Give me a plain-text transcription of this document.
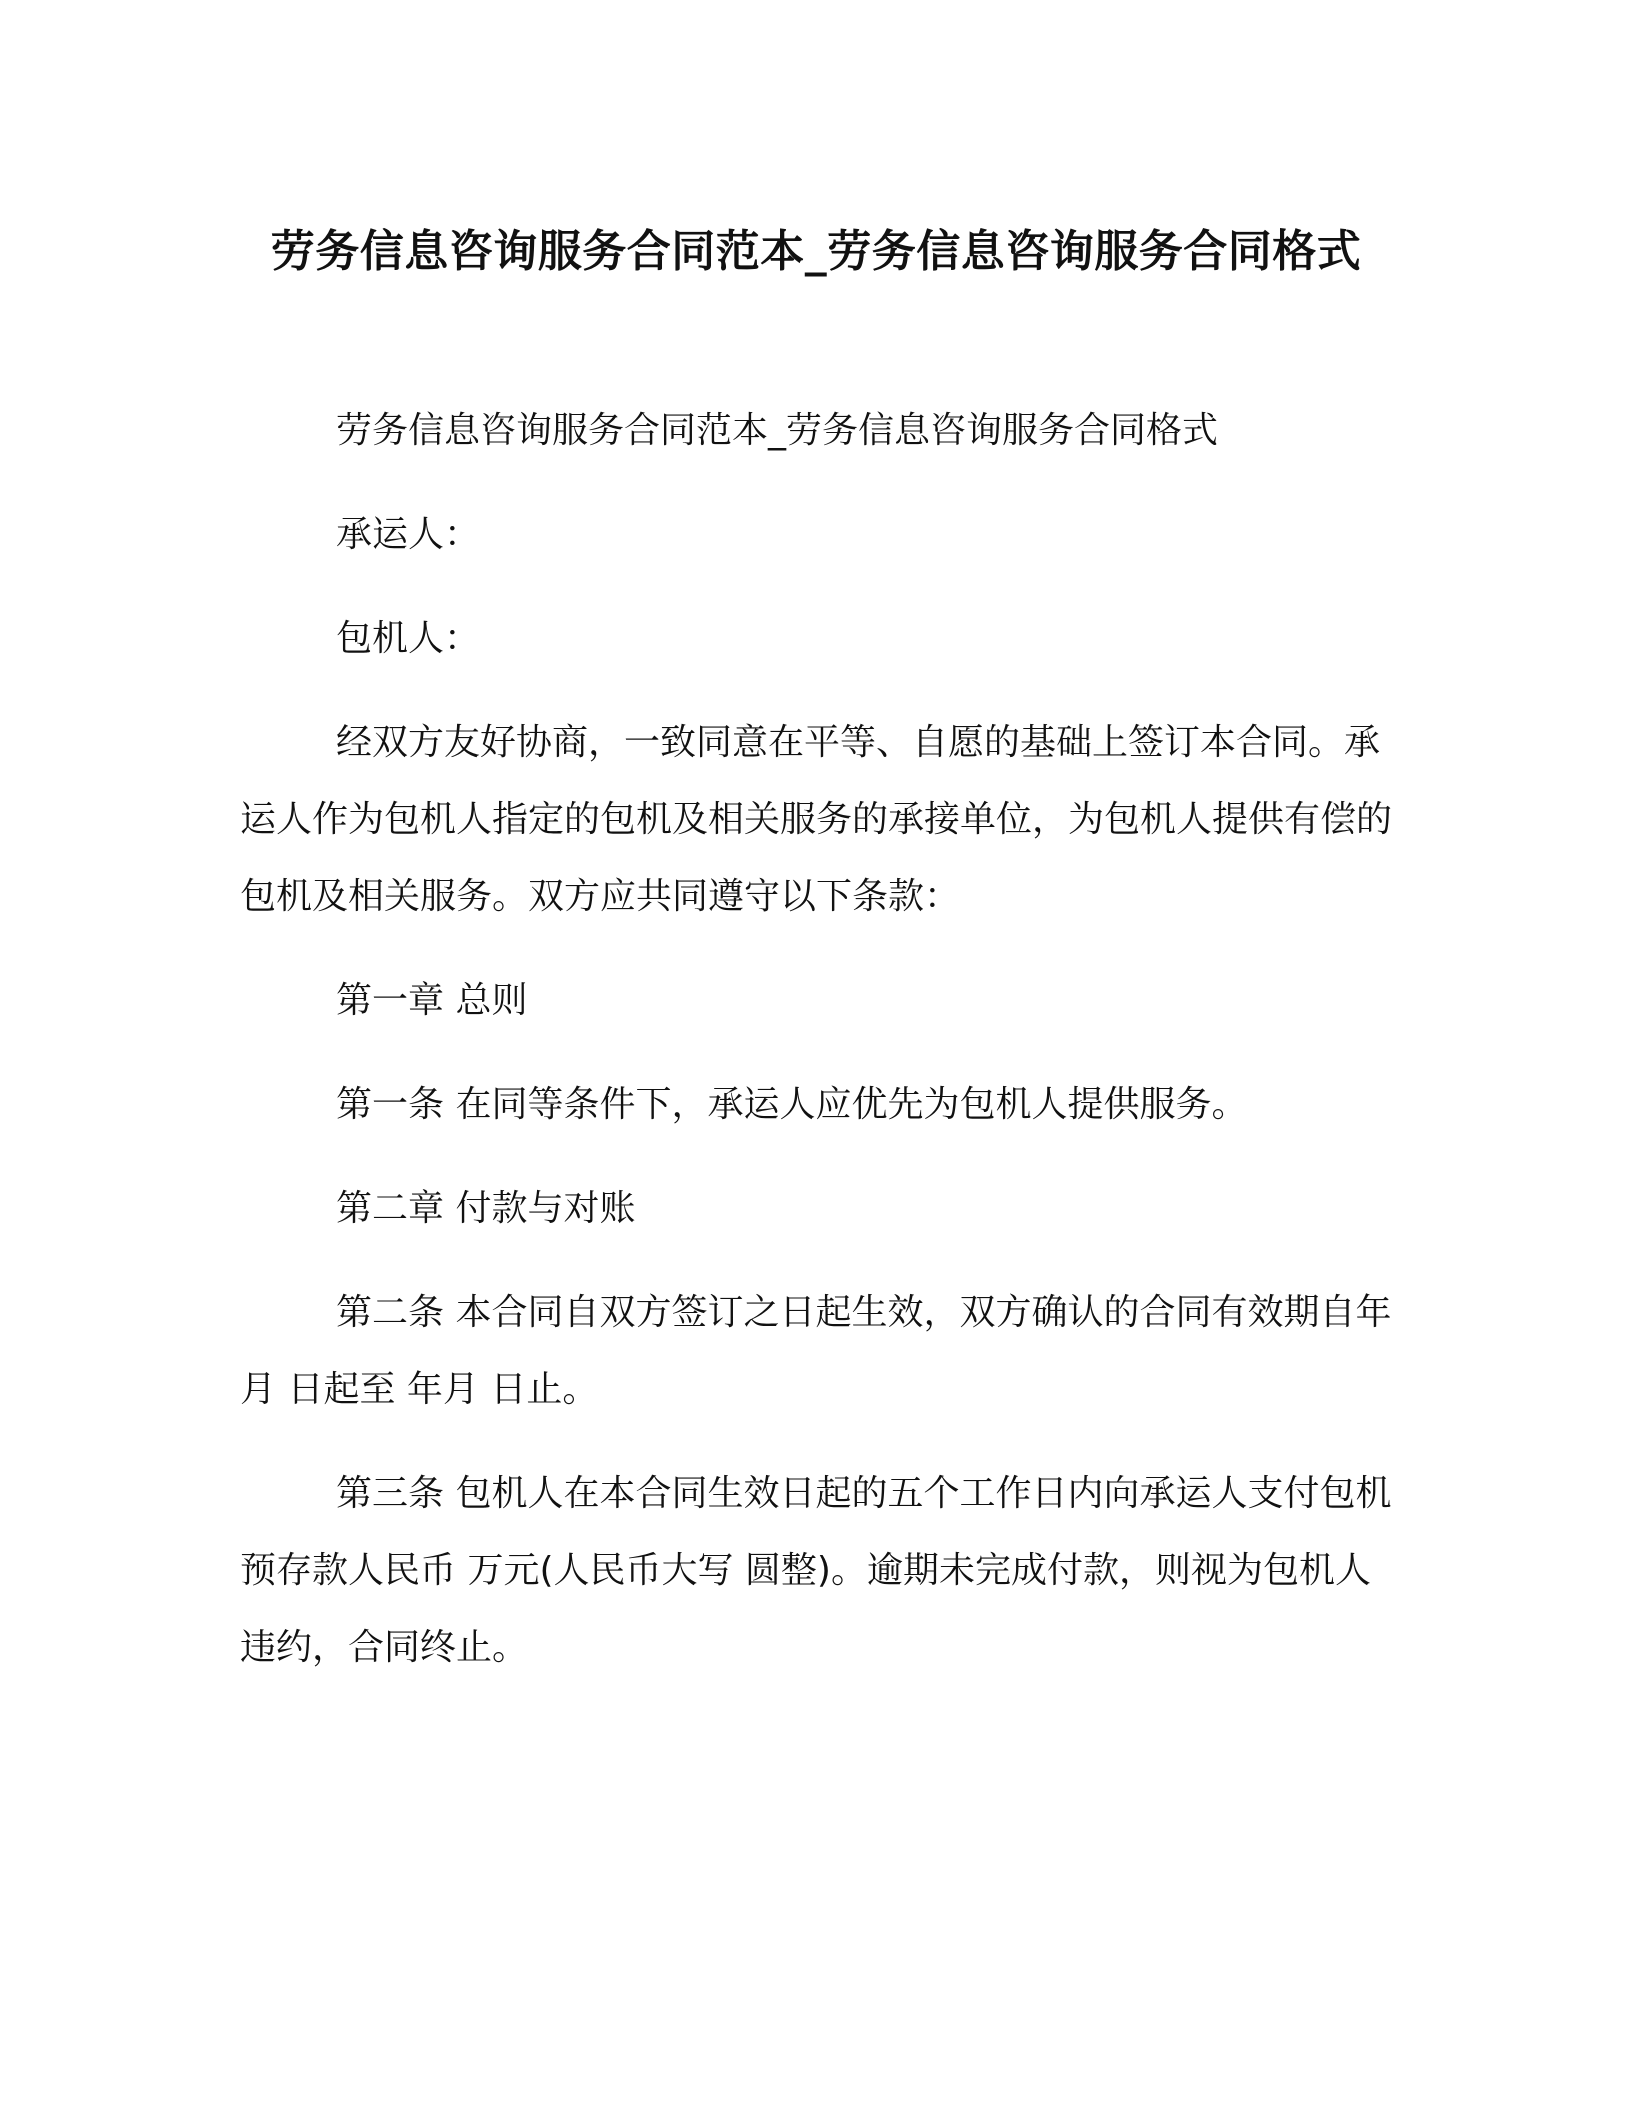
劳务信息咨询服务合同范本_劳务信息咨询服务合同格式

劳务信息咨询服务合同范本_劳务信息咨询服务合同格式

承运人：

包机人：

经双方友好协商，一致同意在平等、自愿的基础上签订本合同。承运人作为包机人指定的包机及相关服务的承接单位，为包机人提供有偿的包机及相关服务。双方应共同遵守以下条款：

第一章 总则

第一条 在同等条件下，承运人应优先为包机人提供服务。

第二章 付款与对账

第二条 本合同自双方签订之日起生效，双方确认的合同有效期自年 月 日起至 年月 日止。

第三条 包机人在本合同生效日起的五个工作日内向承运人支付包机预存款人民币 万元(人民币大写 圆整)。逾期未完成付款，则视为包机人违约，合同终止。
